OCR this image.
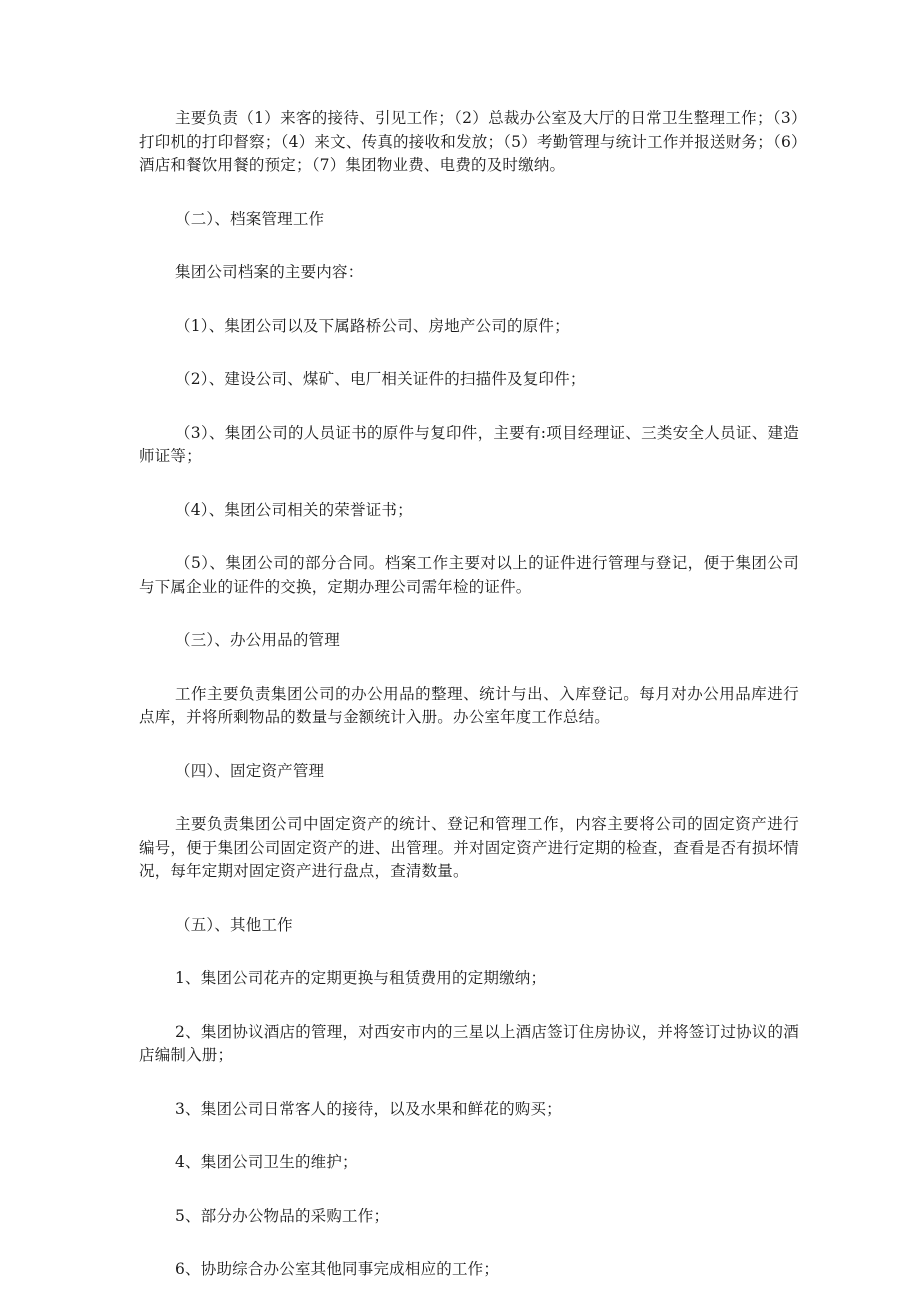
主要负责（1）来客的接待、引见工作；（2）总裁办公室及大厅的日常卫生整理工作；（3）打印机的打印督察；（4）来文、传真的接收和发放；（5）考勤管理与统计工作并报送财务；（6）酒店和餐饮用餐的预定；（7）集团物业费、电费的及时缴纳。

（二）、档案管理工作

集团公司档案的主要内容：

（1）、集团公司以及下属路桥公司、房地产公司的原件；

（2）、建设公司、煤矿、电厂相关证件的扫描件及复印件；

（3）、集团公司的人员证书的原件与复印件，主要有:项目经理证、三类安全人员证、建造师证等；

（4）、集团公司相关的荣誉证书；

（5）、集团公司的部分合同。档案工作主要对以上的证件进行管理与登记，便于集团公司与下属企业的证件的交换，定期办理公司需年检的证件。

（三）、办公用品的管理

工作主要负责集团公司的办公用品的整理、统计与出、入库登记。每月对办公用品库进行点库，并将所剩物品的数量与金额统计入册。办公室年度工作总结。

（四）、固定资产管理

主要负责集团公司中固定资产的统计、登记和管理工作，内容主要将公司的固定资产进行编号，便于集团公司固定资产的进、出管理。并对固定资产进行定期的检查，查看是否有损坏情况，每年定期对固定资产进行盘点，查清数量。

（五）、其他工作

1、集团公司花卉的定期更换与租赁费用的定期缴纳；

2、集团协议酒店的管理，对西安市内的三星以上酒店签订住房协议，并将签订过协议的酒店编制入册；

3、集团公司日常客人的接待，以及水果和鲜花的购买；

4、集团公司卫生的维护；

5、部分办公物品的采购工作；

6、协助综合办公室其他同事完成相应的工作；
